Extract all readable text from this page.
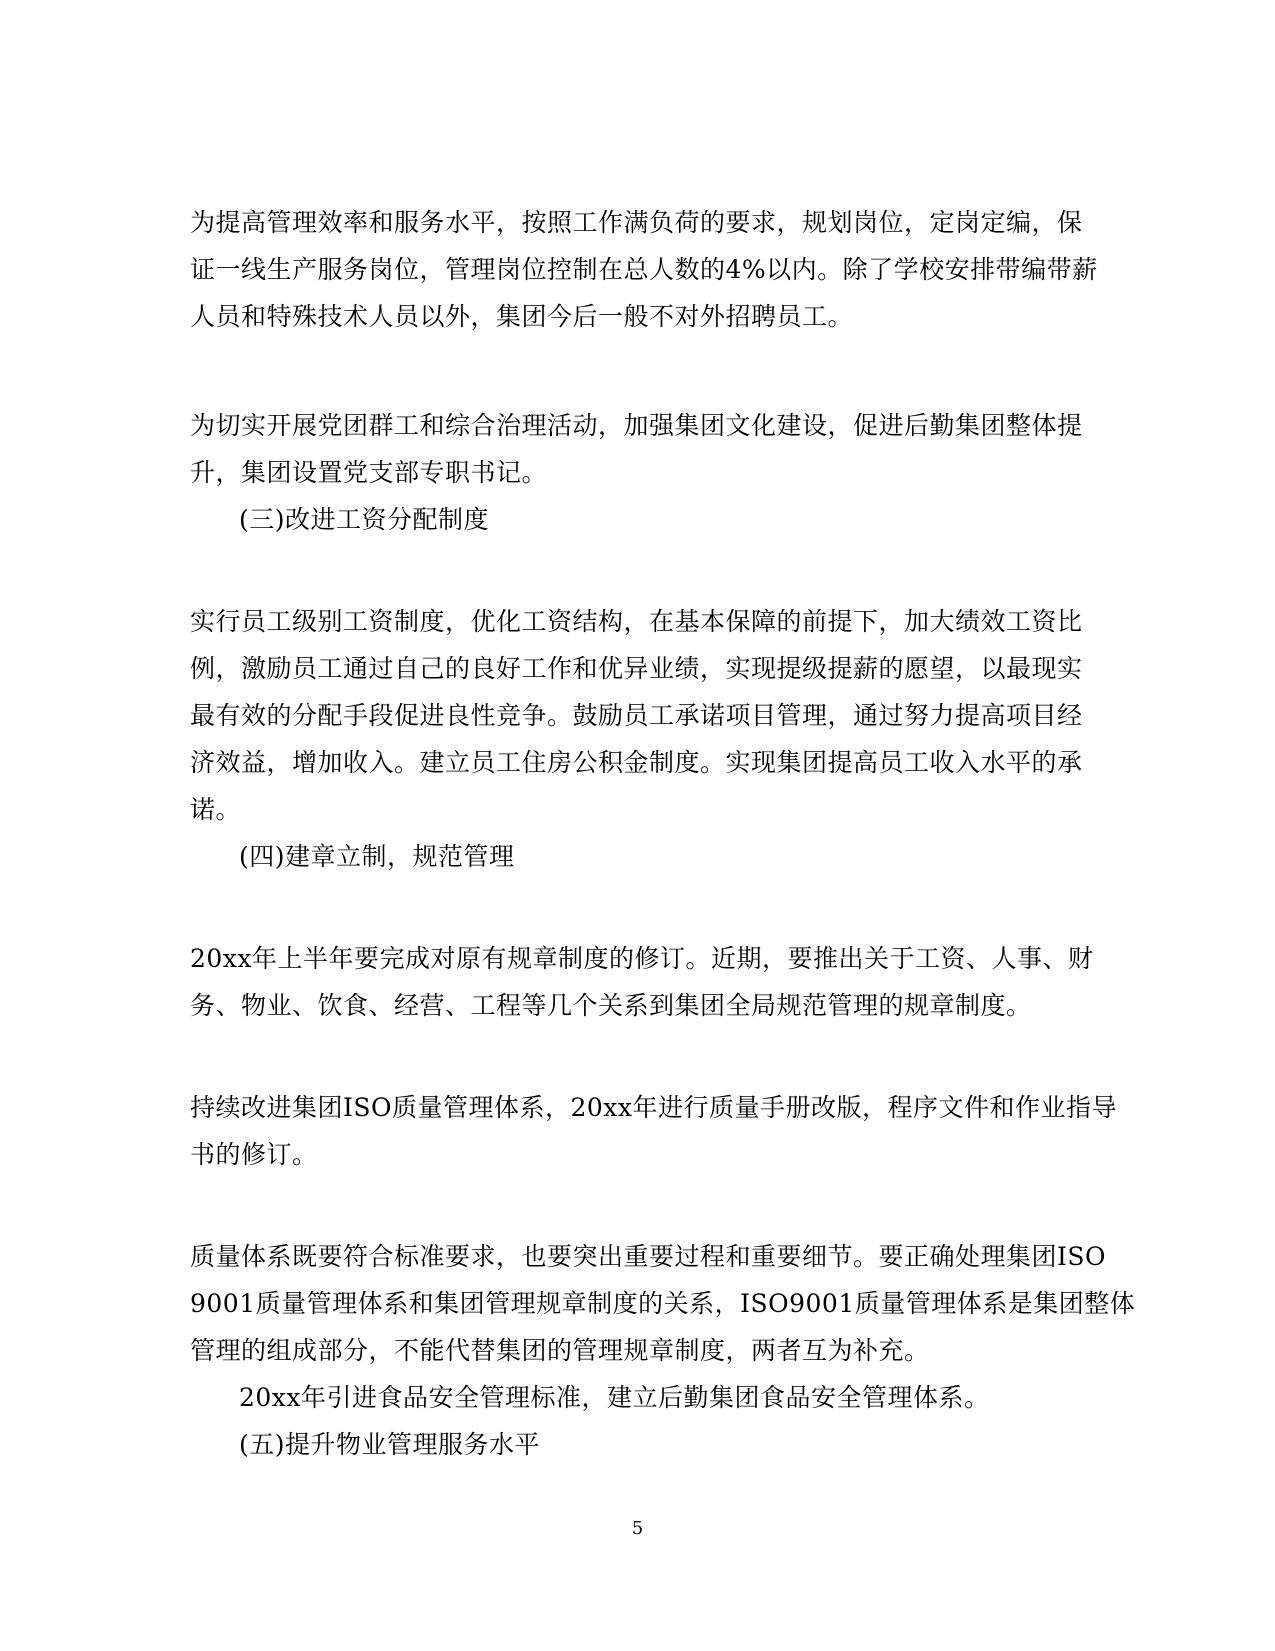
为提高管理效率和服务水平，按照工作满负荷的要求，规划岗位，定岗定编，保

证一线生产服务岗位，管理岗位控制在总人数的4%以内。除了学校安排带编带薪

人员和特殊技术人员以外，集团今后一般不对外招聘员工。

为切实开展党团群工和综合治理活动，加强集团文化建设，促进后勤集团整体提

升，集团设置党支部专职书记。

(三)改进工资分配制度

实行员工级别工资制度，优化工资结构，在基本保障的前提下，加大绩效工资比

例，激励员工通过自己的良好工作和优异业绩，实现提级提薪的愿望，以最现实

最有效的分配手段促进良性竞争。鼓励员工承诺项目管理，通过努力提高项目经

济效益，增加收入。建立员工住房公积金制度。实现集团提高员工收入水平的承

诺。

(四)建章立制，规范管理

20xx年上半年要完成对原有规章制度的修订。近期，要推出关于工资、人事、财

务、物业、饮食、经营、工程等几个关系到集团全局规范管理的规章制度。

持续改进集团ISO质量管理体系，20xx年进行质量手册改版，程序文件和作业指导

书的修订。

质量体系既要符合标准要求，也要突出重要过程和重要细节。要正确处理集团ISO

9001质量管理体系和集团管理规章制度的关系，ISO9001质量管理体系是集团整体

管理的组成部分，不能代替集团的管理规章制度，两者互为补充。

20xx年引进食品安全管理标准，建立后勤集团食品安全管理体系。

(五)提升物业管理服务水平

5
